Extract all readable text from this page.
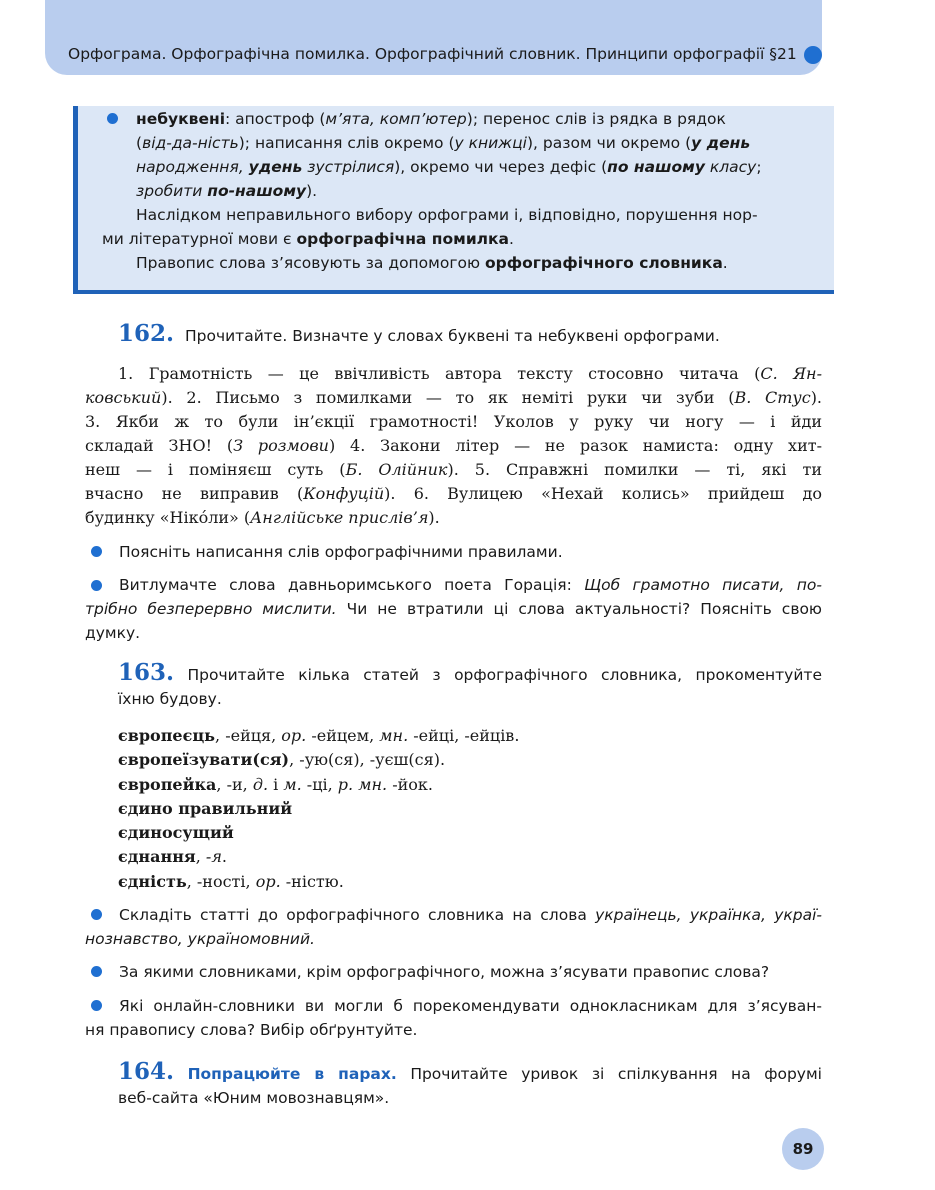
Орфограма. Орфографічна помилка. Орфографічний словник. Принципи орфографії §21

небуквені: апостроф (м’ята, комп’ютер); перенос слів із рядка в рядок

(від-да-ність); написання слів окремо (у книжці), разом чи окремо (у день

народження, удень зустрілися), окремо чи через дефіс (по нашому класу;

зробити по-нашому).

Наслідком неправильного вибору орфограми і, відповідно, порушення нор-

ми літературної мови є орфографічна помилка.

Правопис слова з’ясовують за допомогою орфографічного словника.

162. Прочитайте. Визначте у словах буквені та небуквені орфограми.
1. Грамотність — це ввічливість автора тексту стосовно читача (С. Ян-
ковський). 2. Письмо з помилками — то як неміті руки чи зуби (В. Стус).
3. Якби ж то були ін’єкції грамотності! Уколов у руку чи ногу — і йди
складай ЗНО! (З розмови) 4. Закони літер — не разок намиста: одну хит-
неш — і поміняєш суть (Б. Олійник). 5. Справжні помилки — ті, які ти
вчасно не виправив (Конфуцій). 6. Вулицею «Нехай колись» прийдеш до
будинку «Ніко́ли» (Англійське прислів’я).
Поясніть написання слів орфографічними правилами.
Витлумачте слова давньоримського поета Горація: Щоб грамотно писати, по-
трібно безперервно мислити. Чи не втратили ці слова актуальності? Поясніть свою
думку.
163. Прочитайте кілька статей з орфографічного словника, прокоментуйте
їхню будову.
європеєць, -ейця, ор. -ейцем, мн. -ейці, -ейців.
європеїзувати(ся), -ую(ся), -уєш(ся).
європейка, -и, д. і м. -ці, р. мн. -йок.
єдино правильний
єдиносущий
єднання, -я.
єдність, -ності, ор. -ністю.
Складіть статті до орфографічного словника на слова українець, українка, украї-
нознавство, україномовний.
За якими словниками, крім орфографічного, можна з’ясувати правопис слова?
Які онлайн-словники ви могли б порекомендувати однокласникам для з’ясуван-
ня правопису слова? Вибір обґрунтуйте.
164. Попрацюйте в парах. Прочитайте уривок зі спілкування на форумі
веб-сайта «Юним мовознавцям».
89
